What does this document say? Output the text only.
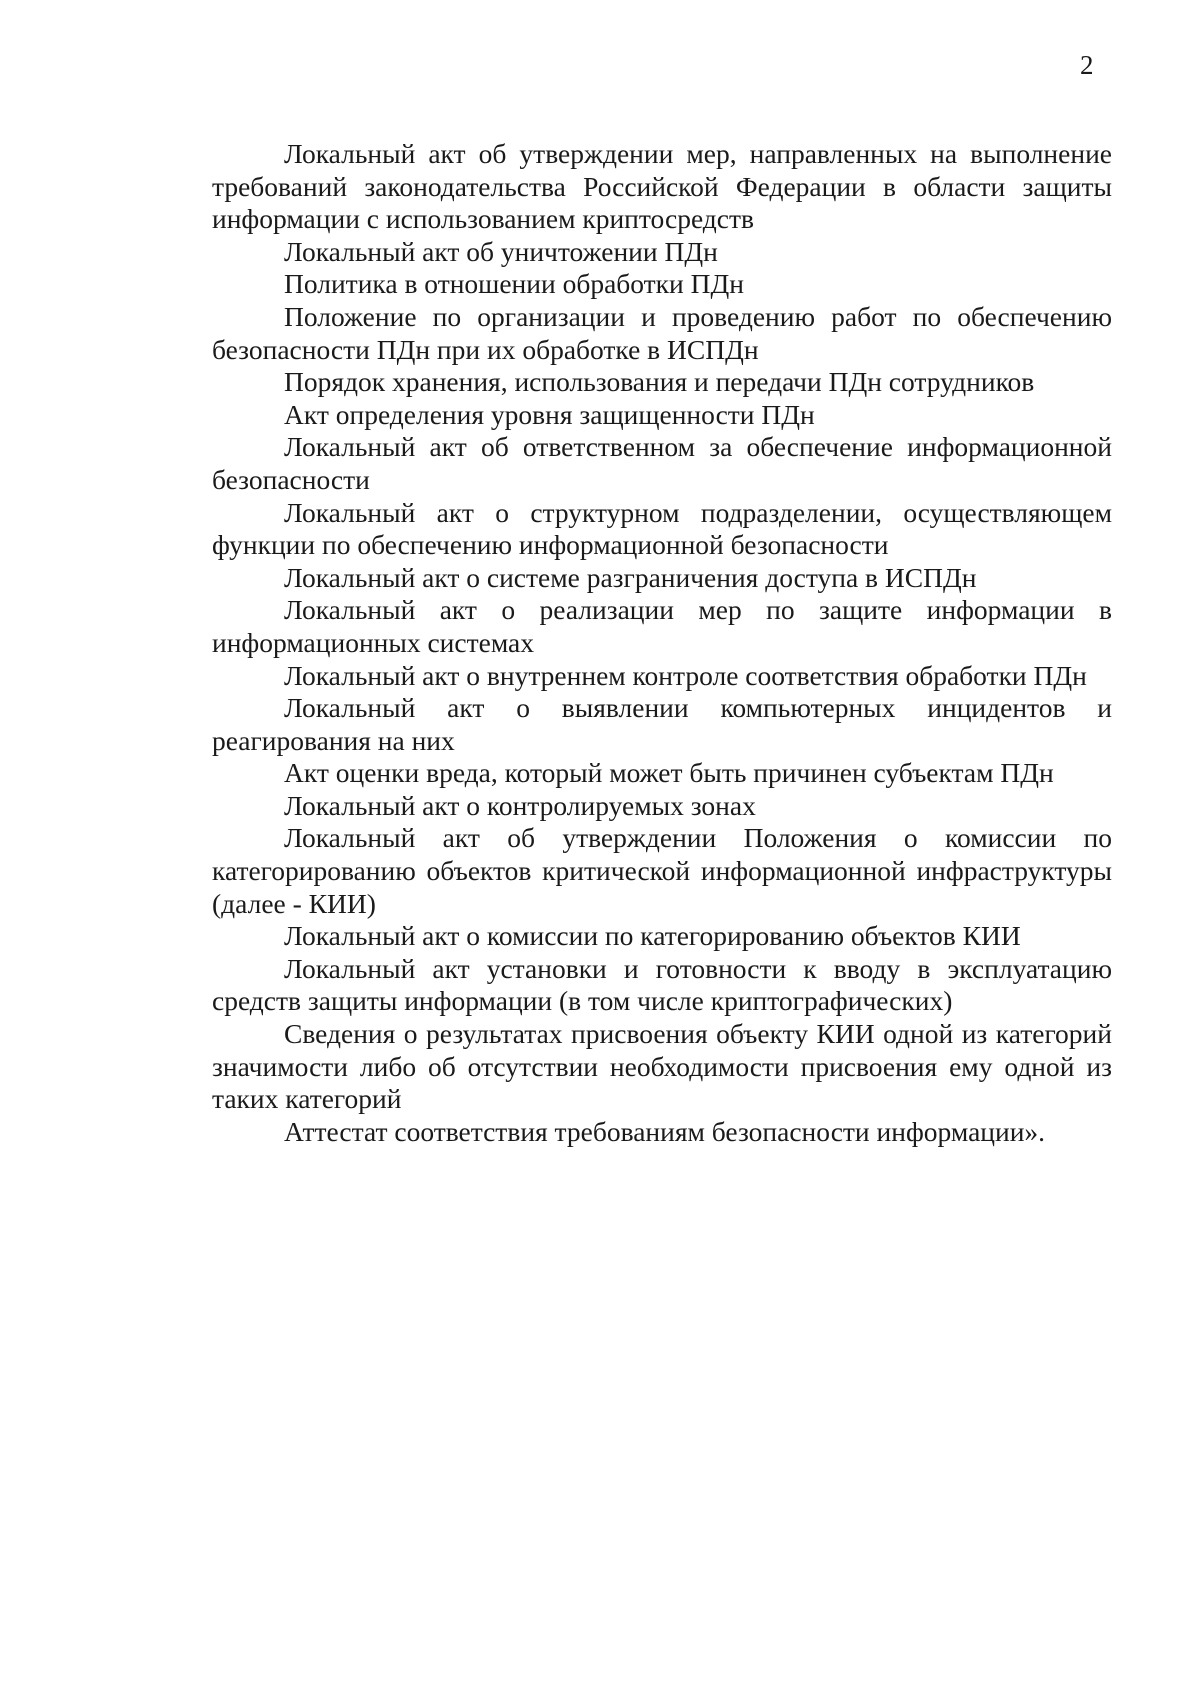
2

Локальный акт об утверждении мер, направленных на выполнение требований законодательства Российской Федерации в области защиты информации с использованием криптосредств

Локальный акт об уничтожении ПДн

Политика в отношении обработки ПДн

Положение по организации и проведению работ по обеспечению безопасности ПДн при их обработке в ИСПДн

Порядок хранения, использования и передачи ПДн сотрудников

Акт определения уровня защищенности ПДн

Локальный акт об ответственном за обеспечение информационной безопасности

Локальный акт о структурном подразделении, осуществляющем функции по обеспечению информационной безопасности

Локальный акт о системе разграничения доступа в ИСПДн

Локальный акт о реализации мер по защите информации в информационных системах

Локальный акт о внутреннем контроле соответствия обработки ПДн

Локальный акт о выявлении компьютерных инцидентов и реагирования на них

Акт оценки вреда, который может быть причинен субъектам ПДн

Локальный акт о контролируемых зонах

Локальный акт об утверждении Положения о комиссии по категорированию объектов критической информационной инфраструктуры (далее - КИИ)

Локальный акт о комиссии по категорированию объектов КИИ

Локальный акт установки и готовности к вводу в эксплуатацию средств защиты информации (в том числе криптографических)

Сведения о результатах присвоения объекту КИИ одной из категорий значимости либо об отсутствии необходимости присвоения ему одной из таких категорий

Аттестат соответствия требованиям безопасности информации».
